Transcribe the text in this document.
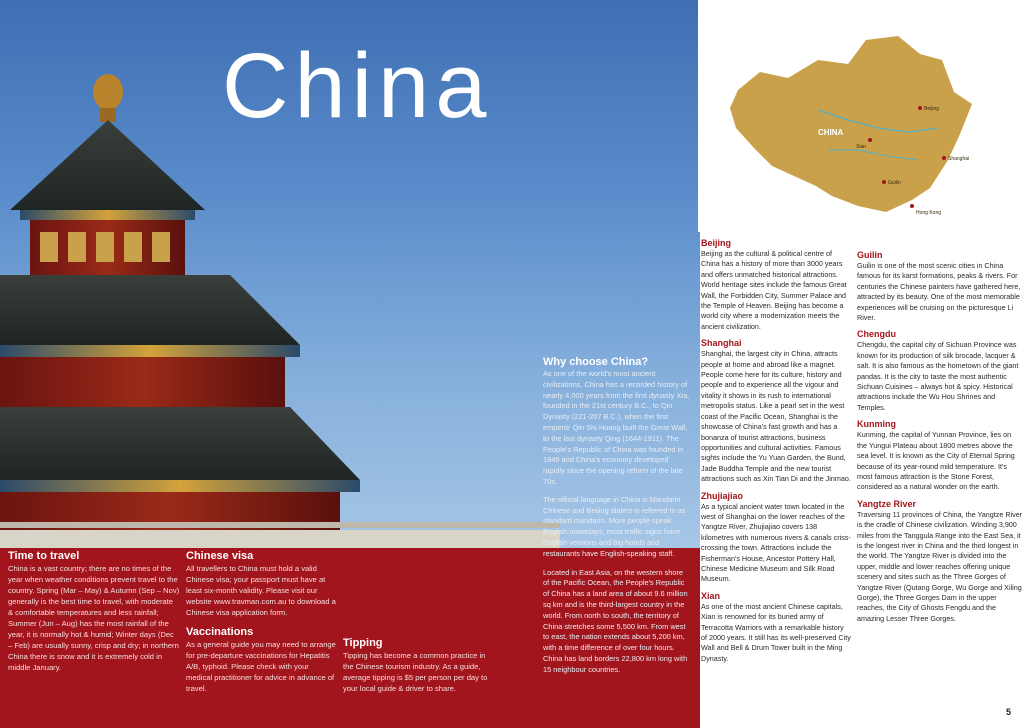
China	CHINA
Beijing
Shanghai
Guilin
Xian
Hong Kong

Time to travel

China is a vast country; there are no times of the year when weather conditions prevent travel to the country. Spring (Mar – May) & Autumn (Sep – Nov) generally is the best time to travel, with moderate & comfortable temperatures and less rainfall; Summer (Jun – Aug) has the most rainfall of the year, it is normally hot & humid; Winter days (Dec – Feb) are usually sunny, crisp and dry; in northern China there is snow and it is extremely cold in middle January.

Chinese visa

All travellers to China must hold a valid Chinese visa; your passport must have at least six-month validity. Please visit our website www.travman.com.au to download a Chinese visa application form.

Vaccinations

As a general guide you may need to arrange for pre-departure vaccinations for Hepatitis A/B, typhoid. Please check with your medical practitioner for advice in advance of travel.

Tipping

Tipping has become a common practice in the Chinese tourism industry. As a guide, average tipping is $5 per person per day to your local guide & driver to share.

Why choose China?

As one of the world's most ancient civilizations, China has a recorded history of nearly 4,000 years from the first dynasty Xia, founded in the 21st century B.C., to Qin Dynasty (221-207 B.C.), when the first emperor Qin Shi Huang built the Great Wall, to the last dynasty Qing (1644-1911). The People's Republic of China was founded in 1949 and China's economy developed rapidly since the opening reform of the late 70s.

The official language in China is Mandarin Chinese and Beijing dialect is referred to as standard mandarin. More people speak English nowadays, most traffic signs have English versions and big hotels and restaurants have English-speaking staff.

Located in East Asia, on the western shore of the Pacific Ocean, the People's Republic of China has a land area of about 9.6 million sq km and is the third-largest country in the world. From north to south, the territory of China stretches some 5,500 km. From west to east, the nation extends about 5,200 km, with a time difference of over four hours. China has land borders 22,800 km long with 15 neighbour countries.

Beijing

Beijing as the cultural & political centre of China has a history of more than 3000 years and offers unmatched historical attractions. World heritage sites include the famous Great Wall, the Forbidden City, Summer Palace and the Temple of Heaven. Beijing has become a world city where a modernization meets the ancient civilization.

Shanghai

Shanghai, the largest city in China, attracts people at home and abroad like a magnet. People come here for its culture, history and people and to experience all the vigour and vitality it shows in its rush to international metropolis status. Like a pearl set in the west coast of the Pacific Ocean, Shanghai is the showcase of China's fast growth and has a bonanza of tourist attractions, business opportunities and cultural activities. Famous sights include the Yu Yuan Garden, the Bund, Jade Buddha Temple and the new tourist attractions such as Xin Tian Di and the Jinmao.

Zhujiajiao

As a typical ancient water town located in the west of Shanghai on the lower reaches of the Yangtze River, Zhujiajiao covers 138 kilometres with numerous rivers & canals criss-crossing the town. Attractions include the Fisherman's House, Ancestor Pottery Hall, Chinese Medicine Museum and Silk Road Museum.

Xian

As one of the most ancient Chinese capitals, Xian is renowned for its buried army of Terracotta Warriors with a remarkable history of 2000 years. It still has its well-preserved City Wall and Bell & Drum Tower built in the Ming Dynasty.

Guilin

Guilin is one of the most scenic cities in China famous for its karst formations, peaks & rivers. For centuries the Chinese painters have gathered here, attracted by its beauty. One of the most memorable experiences will be cruising on the picturesque Li River.

Chengdu

Chengdu, the capital city of Sichuan Province was known for its production of silk brocade, lacquer & salt. It is also famous as the hometown of the giant pandas. It is the city to taste the most authentic Sichuan Cuisines – always hot & spicy. Historical attractions include the Wu Hou Shrines and Temples.

Kunming

Kunming, the capital of Yunnan Province, lies on the Yungui Plateau about 1800 metres above the sea level. It is known as the City of Eternal Spring because of its year-round mild temperature. It's most famous attraction is the Stone Forest, considered as a natural wonder on the earth.

Yangtze River

Traversing 11 provinces of China, the Yangtze River is the cradle of Chinese civilization. Winding 3,900 miles from the Tanggula Range into the East Sea, it is the longest river in China and the third longest in the world. The Yangtze River is divided into the upper, middle and lower reaches offering unique scenery and sites such as the Three Gorges of Yangtze River (Qutang Gorge, Wu Gorge and Xiling Gorge), the Three Gorges Dam in the upper reaches, the City of Ghosts Fengdu and the amazing Lesser Three Gorges.

5
